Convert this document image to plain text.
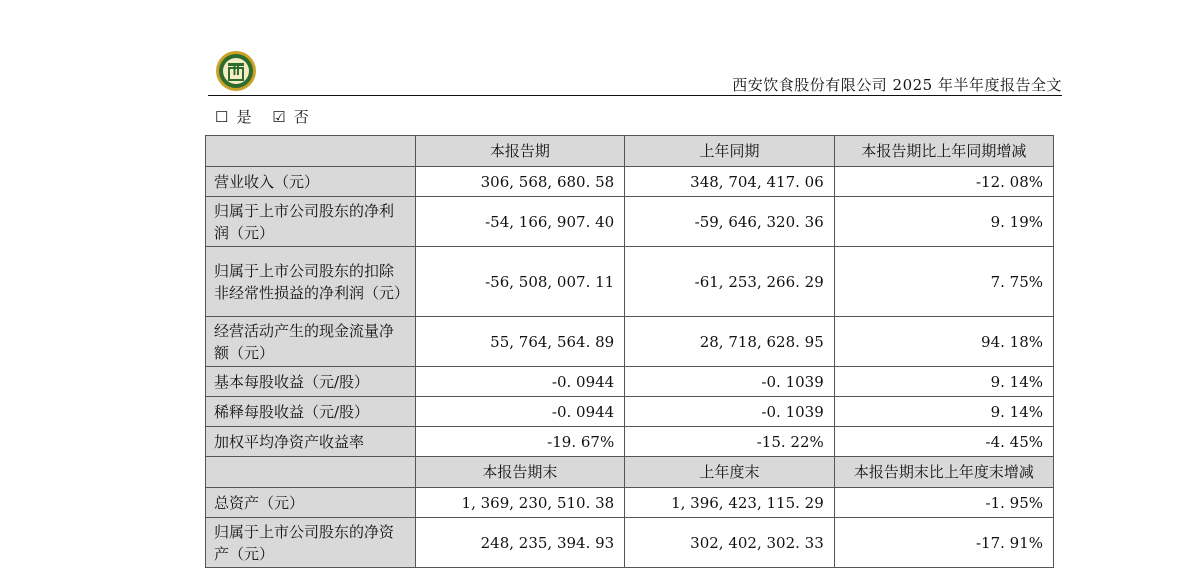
西安饮食股份有限公司 2025 年半年度报告全文
☐ 是 ☑ 否
	本报告期	上年同期	本报告期比上年同期增减
营业收入（元）	306, 568, 680. 58	348, 704, 417. 06	-12. 08%
归属于上市公司股东的净利润（元）	-54, 166, 907. 40	-59, 646, 320. 36	9. 19%
归属于上市公司股东的扣除非经常性损益的净利润（元）	-56, 508, 007. 11	-61, 253, 266. 29	7. 75%
经营活动产生的现金流量净额（元）	55, 764, 564. 89	28, 718, 628. 95	94. 18%
基本每股收益（元/股）	-0. 0944	-0. 1039	9. 14%
稀释每股收益（元/股）	-0. 0944	-0. 1039	9. 14%
加权平均净资产收益率	-19. 67%	-15. 22%	-4. 45%
	本报告期末	上年度末	本报告期末比上年度末增减
总资产（元）	1, 369, 230, 510. 38	1, 396, 423, 115. 29	-1. 95%
归属于上市公司股东的净资产（元）	248, 235, 394. 93	302, 402, 302. 33	-17. 91%
